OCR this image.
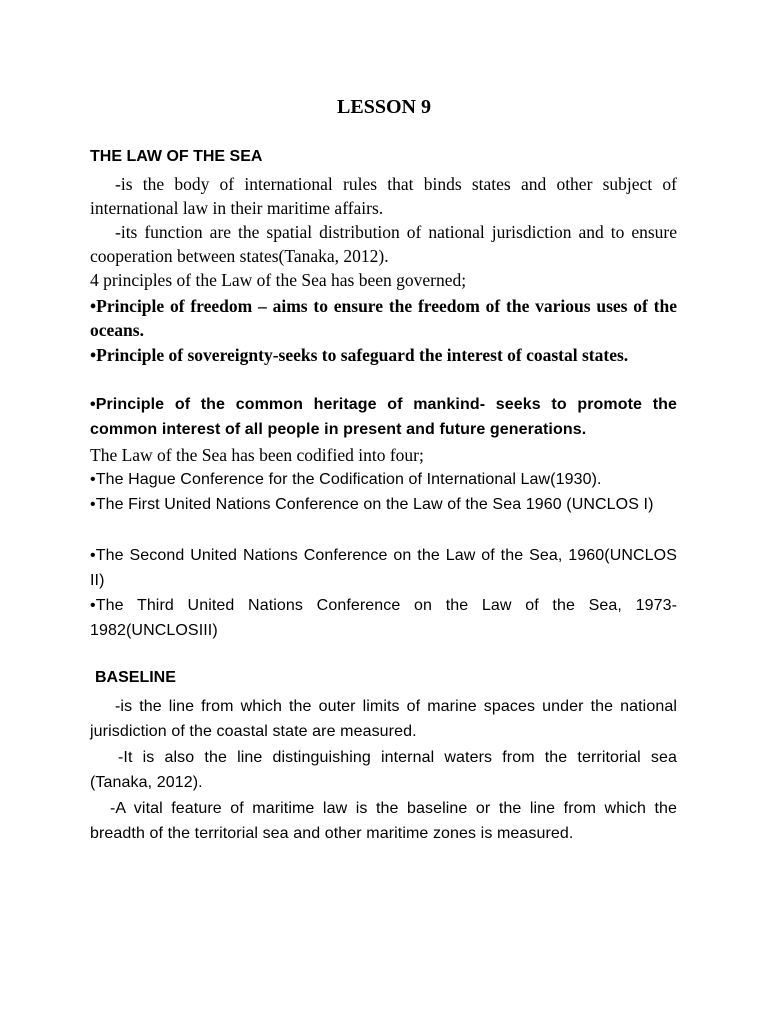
LESSON 9
THE LAW OF THE SEA

-is the body of international rules that binds states and other subject of international law in their maritime affairs.

-its function are the spatial distribution of national jurisdiction and to ensure cooperation between states(Tanaka, 2012).

4 principles of the Law of the Sea has been governed;

•Principle of freedom – aims to ensure the freedom of the various uses of the oceans.

•Principle of sovereignty-seeks to safeguard the interest of coastal states.

•Principle of the common heritage of mankind- seeks to promote the common interest of all people in present and future generations.

The Law of the Sea has been codified into four;

•The Hague Conference for the Codification of International Law(1930).

•The First United Nations Conference on the Law of the Sea 1960 (UNCLOS I)

•The Second United Nations Conference on the Law of the Sea, 1960(UNCLOS II)

•The Third United Nations Conference on the Law of the Sea, 1973-1982(UNCLOSIII)

BASELINE

-is the line from which the outer limits of marine spaces under the national jurisdiction of the coastal state are measured.

-It is also the line distinguishing internal waters from the territorial sea (Tanaka, 2012).

-A vital feature of maritime law is the baseline or the line from which the breadth of the territorial sea and other maritime zones is measured.
